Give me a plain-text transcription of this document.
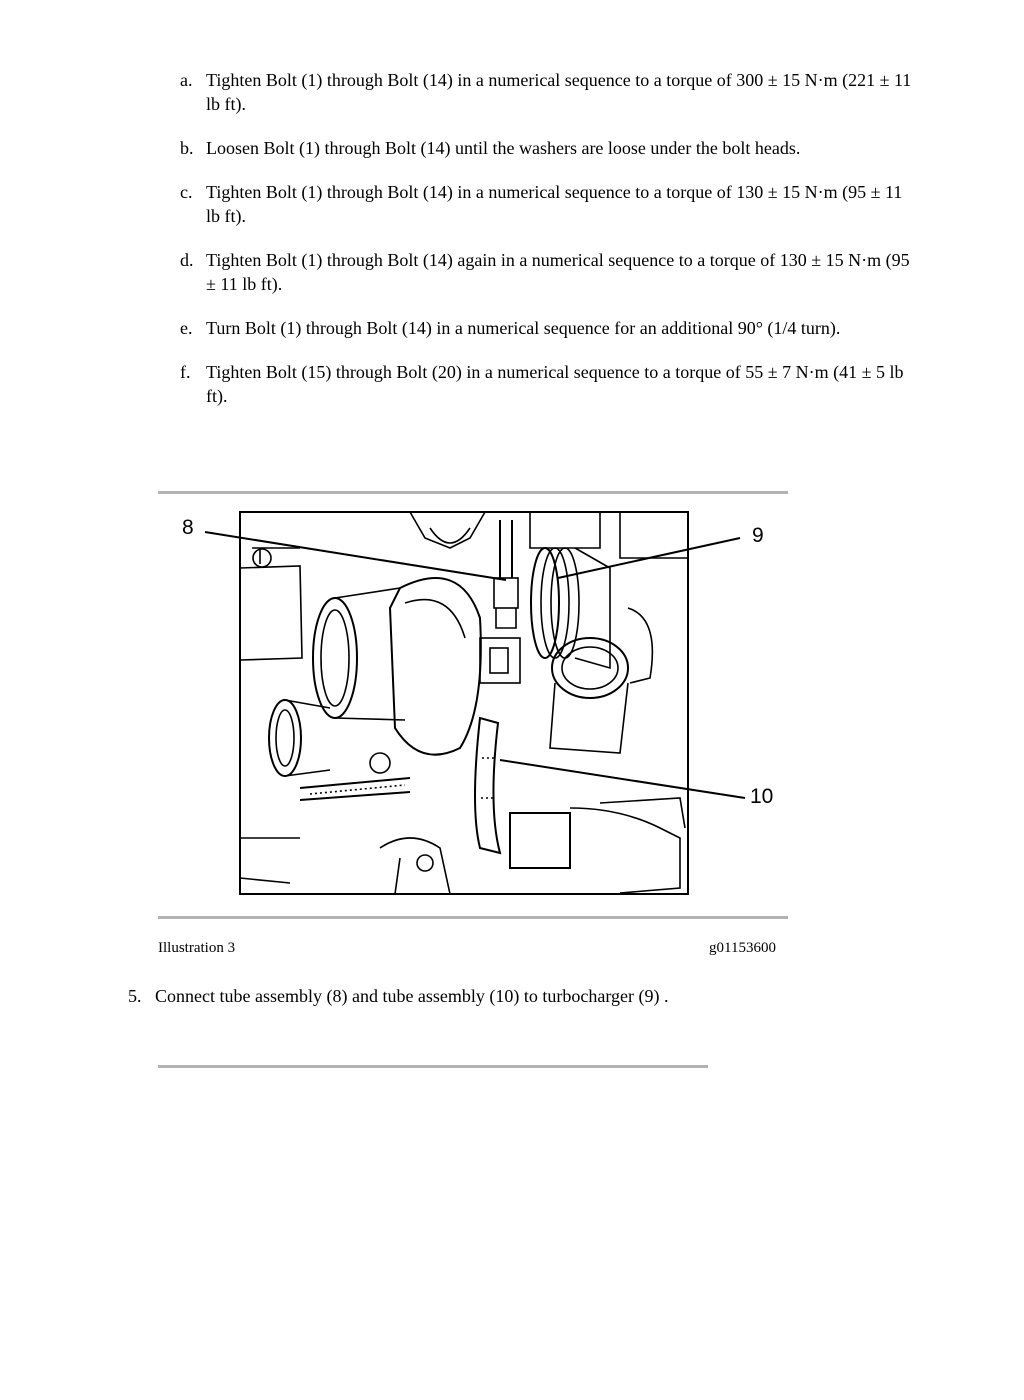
a. Tighten Bolt (1) through Bolt (14) in a numerical sequence to a torque of 300 ± 15 N·m (221 ± 11 lb ft).
b. Loosen Bolt (1) through Bolt (14) until the washers are loose under the bolt heads.
c. Tighten Bolt (1) through Bolt (14) in a numerical sequence to a torque of 130 ± 15 N·m (95 ± 11 lb ft).
d. Tighten Bolt (1) through Bolt (14) again in a numerical sequence to a torque of 130 ± 15 N·m (95 ± 11 lb ft).
e. Turn Bolt (1) through Bolt (14) in a numerical sequence for an additional 90° (1/4 turn).
f. Tighten Bolt (15) through Bolt (20) in a numerical sequence to a torque of 55 ± 7 N·m (41 ± 5 lb ft).
8	9
10
Illustration 3	g01153600
5. Connect tube assembly (8) and tube assembly (10) to turbocharger (9) .
